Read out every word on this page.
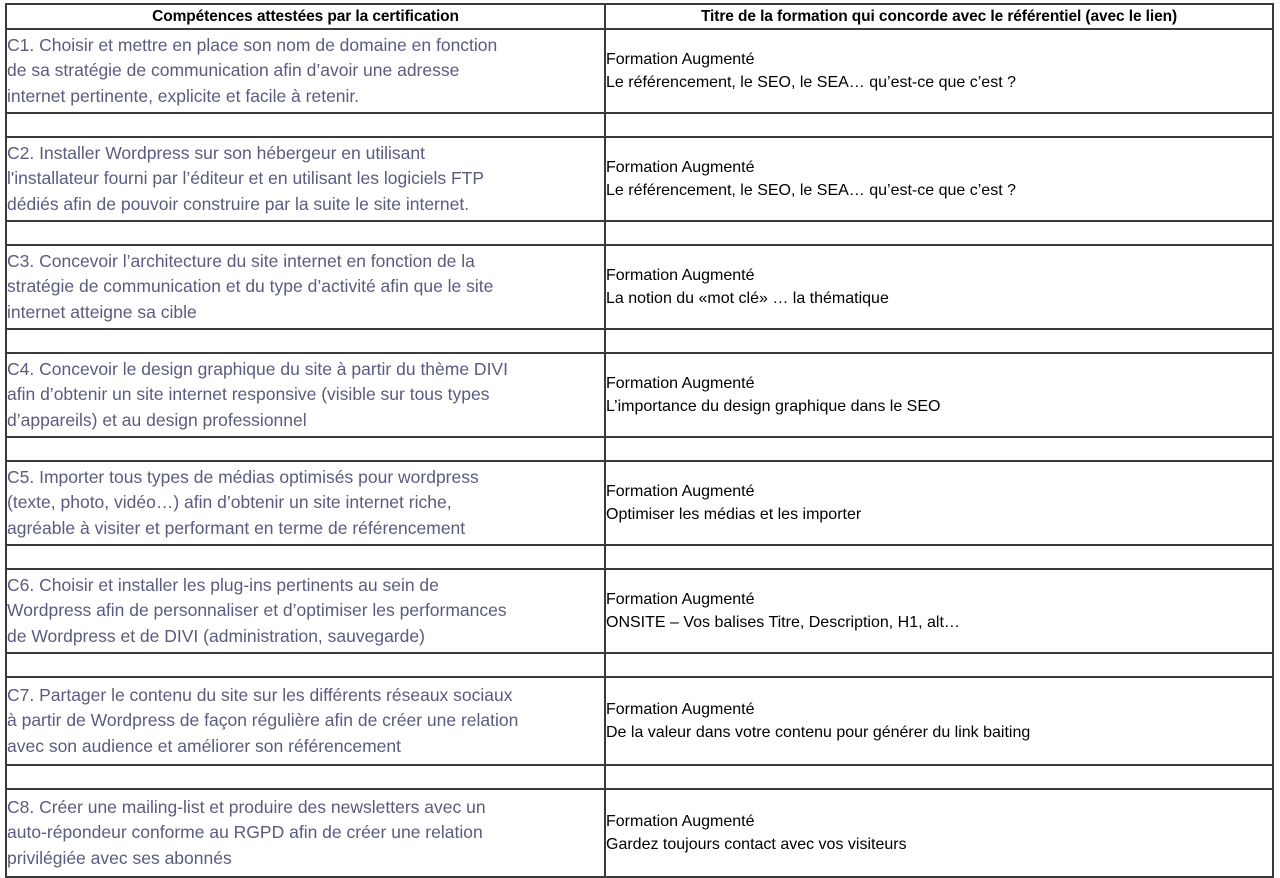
Compétences attestées par la certification	Titre de la formation qui concorde avec le référentiel (avec le lien)

C1. Choisir et mettre en place son nom de domaine en fonction
de sa stratégie de communication afin d’avoir une adresse
internet pertinente, explicite et facile à retenir.	Formation Augmenté
Le référencement, le SEO, le SEA… qu’est-ce que c’est ?

C2. Installer Wordpress sur son hébergeur en utilisant
l'installateur fourni par l’éditeur et en utilisant les logiciels FTP
dédiés afin de pouvoir construire par la suite le site internet.	Formation Augmenté
Le référencement, le SEO, le SEA… qu’est-ce que c’est ?

C3. Concevoir l’architecture du site internet en fonction de la
stratégie de communication et du type d’activité afin que le site
internet atteigne sa cible	Formation Augmenté
La notion du «mot clé» … la thématique

C4. Concevoir le design graphique du site à partir du thème DIVI
afin d’obtenir un site internet responsive (visible sur tous types
d’appareils) et au design professionnel	Formation Augmenté
L’importance du design graphique dans le SEO

C5. Importer tous types de médias optimisés pour wordpress
(texte, photo, vidéo…) afin d’obtenir un site internet riche,
agréable à visiter et performant en terme de référencement	Formation Augmenté
Optimiser les médias et les importer

C6. Choisir et installer les plug-ins pertinents au sein de
Wordpress afin de personnaliser et d’optimiser les performances
de Wordpress et de DIVI (administration, sauvegarde)	Formation Augmenté
ONSITE – Vos balises Titre, Description, H1, alt…

C7. Partager le contenu du site sur les différents réseaux sociaux
à partir de Wordpress de façon régulière afin de créer une relation
avec son audience et améliorer son référencement	Formation Augmenté
De la valeur dans votre contenu pour générer du link baiting

C8. Créer une mailing-list et produire des newsletters avec un
auto-répondeur conforme au RGPD afin de créer une relation
privilégiée avec ses abonnés	Formation Augmenté
Gardez toujours contact avec vos visiteurs
